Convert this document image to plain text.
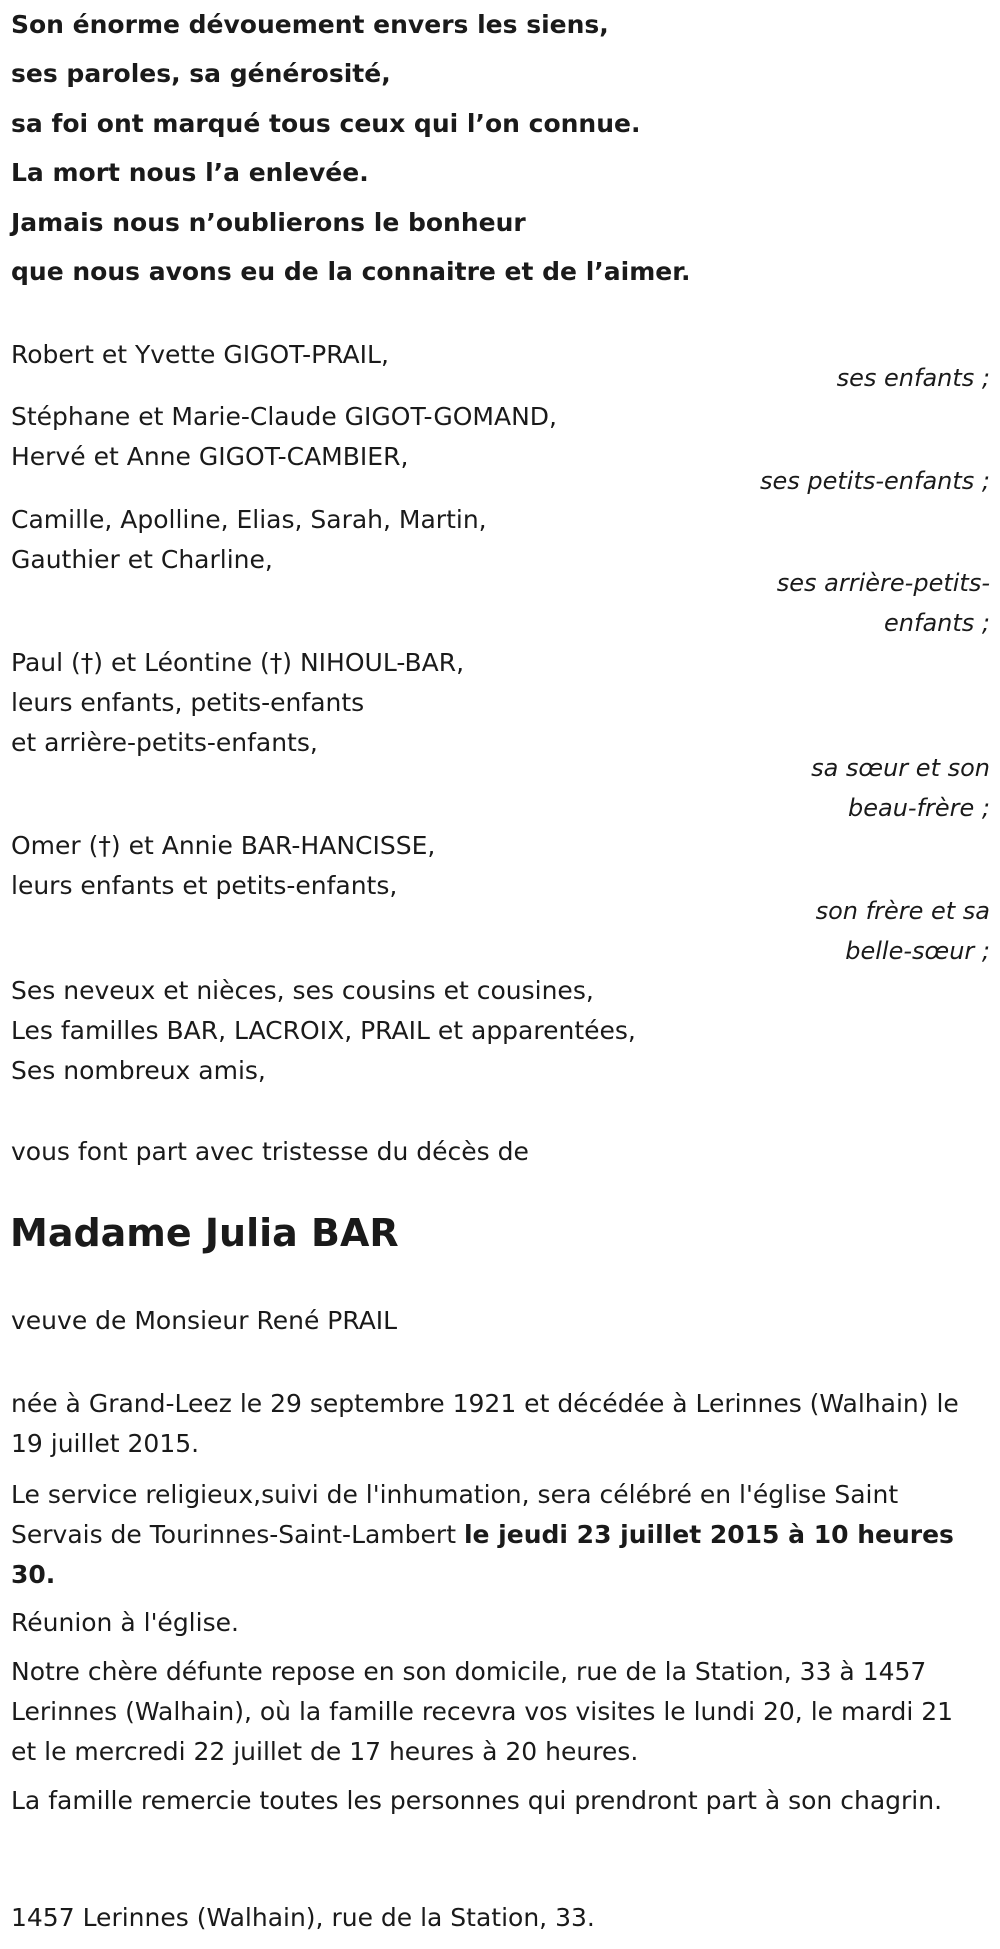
Son énorme dévouement envers les siens,

ses paroles, sa générosité,

sa foi ont marqué tous ceux qui l’on connue.

La mort nous l’a enlevée.

Jamais nous n’oublierons le bonheur

que nous avons eu de la connaitre et de l’aimer.

Robert et Yvette GIGOT-PRAIL,

ses enfants ;

Stéphane et Marie-Claude GIGOT-GOMAND,

Hervé et Anne GIGOT-CAMBIER,

ses petits-enfants ;

Camille, Apolline, Elias, Sarah, Martin,

Gauthier et Charline,

ses arrière-petits-

enfants ;

Paul (†) et Léontine (†) NIHOUL-BAR,

leurs enfants, petits-enfants

et arrière-petits-enfants,

sa sœur et son

beau-frère ;

Omer (†) et Annie BAR-HANCISSE,

leurs enfants et petits-enfants,

son frère et sa

belle-sœur ;

Ses neveux et nièces, ses cousins et cousines,

Les familles BAR, LACROIX, PRAIL et apparentées,

Ses nombreux amis,

vous font part avec tristesse du décès de

Madame Julia BAR

veuve de Monsieur René PRAIL

née à Grand-Leez le 29 septembre 1921 et décédée à Lerinnes (Walhain) le 19 juillet 2015.

Le service religieux,suivi de l'inhumation, sera célébré en l'église Saint Servais de Tourinnes-Saint-Lambert le jeudi 23 juillet 2015 à 10 heures 30.

Réunion à l'église.

Notre chère défunte repose en son domicile, rue de la Station, 33 à 1457 Lerinnes (Walhain), où la famille recevra vos visites le lundi 20, le mardi 21 et le mercredi 22 juillet de 17 heures à 20 heures.

La famille remercie toutes les personnes qui prendront part à son chagrin.

1457 Lerinnes (Walhain), rue de la Station, 33.
